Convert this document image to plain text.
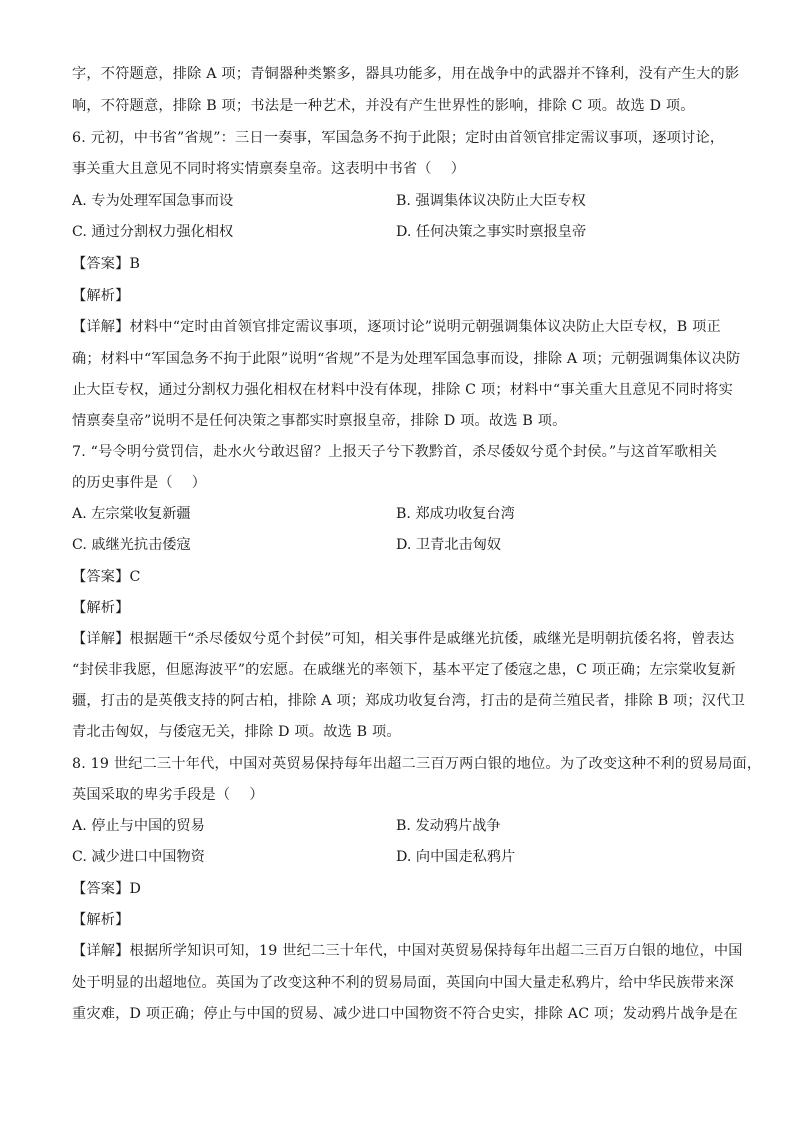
字，不符题意，排除 A 项；青铜器种类繁多，器具功能多，用在战争中的武器并不锋利，没有产生大的影
响，不符题意，排除 B 项；书法是一种艺术，并没有产生世界性的影响，排除 C 项。故选 D 项。
6. 元初，中书省”省规”：三日一奏事，军国急务不拘于此限；定时由首领官排定需议事项，逐项讨论，
事关重大且意见不同时将实情禀奏皇帝。这表明中书省（　 ）
A. 专为处理军国急事而设	B. 强调集体议决防止大臣专权
C. 通过分割权力强化相权	D. 任何决策之事实时禀报皇帝
【答案】B
【解析】
【详解】材料中“定时由首领官排定需议事项，逐项讨论”说明元朝强调集体议决防止大臣专权，B 项正
确；材料中“军国急务不拘于此限”说明“省规”不是为处理军国急事而设，排除 A 项；元朝强调集体议决防
止大臣专权，通过分割权力强化相权在材料中没有体现，排除 C 项；材料中“事关重大且意见不同时将实
情禀奏皇帝”说明不是任何决策之事都实时禀报皇帝，排除 D 项。故选 B 项。
7. “号令明兮赏罚信，赴水火兮敢迟留？上报天子兮下教黔首，杀尽倭奴兮觅个封侯。”与这首军歌相关
的历史事件是（　 ）
A. 左宗棠收复新疆	B. 郑成功收复台湾
C. 戚继光抗击倭寇	D. 卫青北击匈奴
【答案】C
【解析】
【详解】根据题干“杀尽倭奴兮觅个封侯”可知，相关事件是戚继光抗倭，戚继光是明朝抗倭名将，曾表达
“封侯非我愿，但愿海波平”的宏愿。在戚继光的率领下，基本平定了倭寇之患，C 项正确；左宗棠收复新
疆，打击的是英俄支持的阿古柏，排除 A 项；郑成功收复台湾，打击的是荷兰殖民者，排除 B 项；汉代卫
青北击匈奴，与倭寇无关，排除 D 项。故选 B 项。
8. 19 世纪二三十年代，中国对英贸易保持每年出超二三百万两白银的地位。为了改变这种不利的贸易局面，
英国采取的卑劣手段是（　 ）
A. 停止与中国的贸易	B. 发动鸦片战争
C. 减少进口中国物资	D. 向中国走私鸦片
【答案】D
【解析】
【详解】根据所学知识可知，19 世纪二三十年代，中国对英贸易保持每年出超二三百万白银的地位，中国
处于明显的出超地位。英国为了改变这种不利的贸易局面，英国向中国大量走私鸦片，给中华民族带来深
重灾难，D 项正确；停止与中国的贸易、减少进口中国物资不符合史实，排除 AC 项；发动鸦片战争是在
